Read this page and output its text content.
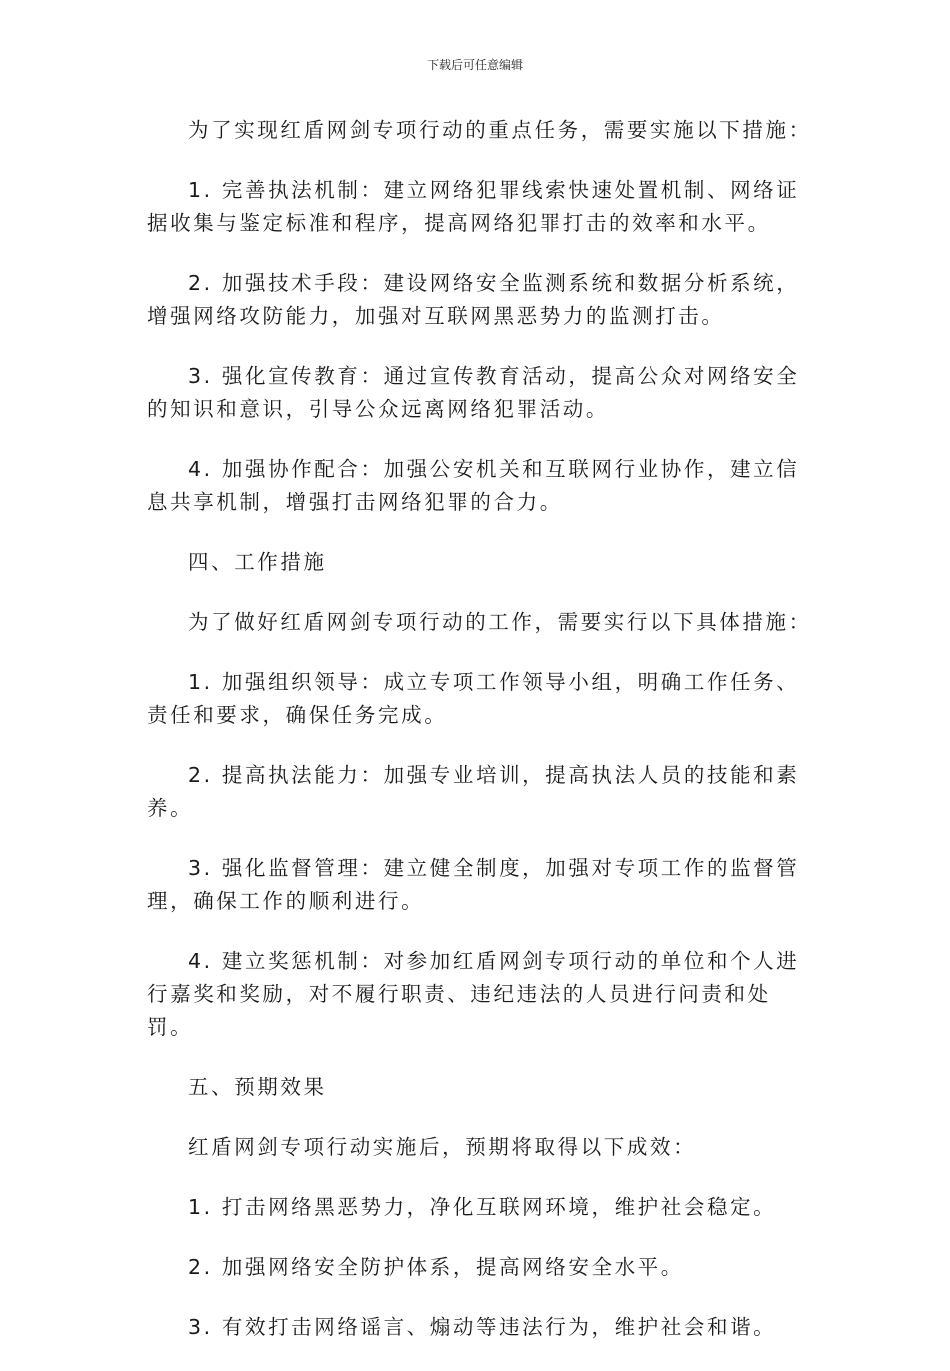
下载后可任意编辑

为了实现红盾网剑专项行动的重点任务，需要实施以下措施：

1. 完善执法机制：建立网络犯罪线索快速处置机制、网络证据收集与鉴定标准和程序，提高网络犯罪打击的效率和水平。

2. 加强技术手段：建设网络安全监测系统和数据分析系统，增强网络攻防能力，加强对互联网黑恶势力的监测打击。

3. 强化宣传教育：通过宣传教育活动，提高公众对网络安全的知识和意识，引导公众远离网络犯罪活动。

4. 加强协作配合：加强公安机关和互联网行业协作，建立信息共享机制，增强打击网络犯罪的合力。

四、工作措施

为了做好红盾网剑专项行动的工作，需要实行以下具体措施：

1. 加强组织领导：成立专项工作领导小组，明确工作任务、责任和要求，确保任务完成。

2. 提高执法能力：加强专业培训，提高执法人员的技能和素养。

3. 强化监督管理：建立健全制度，加强对专项工作的监督管理，确保工作的顺利进行。

4. 建立奖惩机制：对参加红盾网剑专项行动的单位和个人进行嘉奖和奖励，对不履行职责、违纪违法的人员进行问责和处罚。

五、预期效果

红盾网剑专项行动实施后，预期将取得以下成效：

1. 打击网络黑恶势力，净化互联网环境，维护社会稳定。

2. 加强网络安全防护体系，提高网络安全水平。

3. 有效打击网络谣言、煽动等违法行为，维护社会和谐。
